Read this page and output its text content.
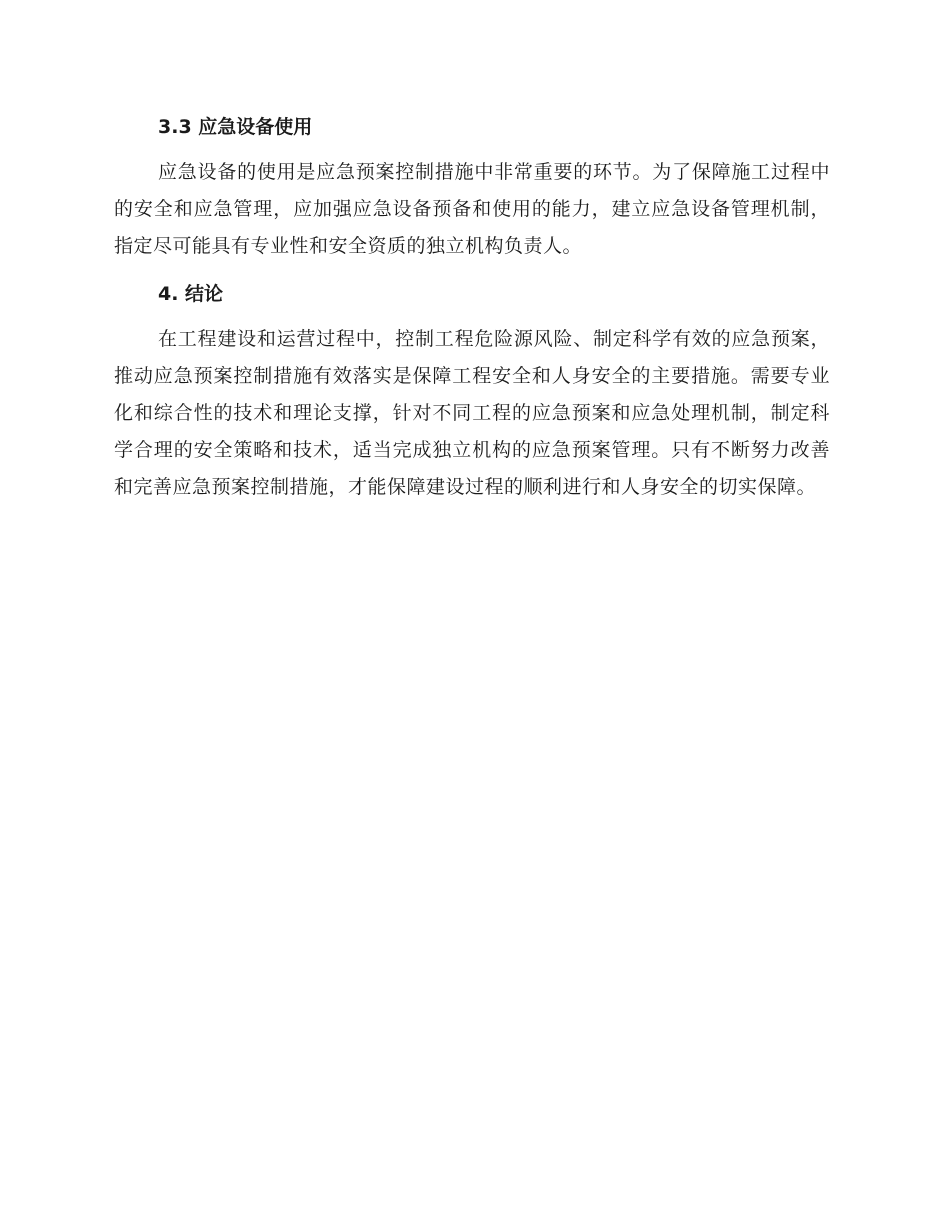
3.3 应急设备使用

应急设备的使用是应急预案控制措施中非常重要的环节。为了保障施工过程中的安全和应急管理，应加强应急设备预备和使用的能力，建立应急设备管理机制，指定尽可能具有专业性和安全资质的独立机构负责人。

4. 结论

在工程建设和运营过程中，控制工程危险源风险、制定科学有效的应急预案，推动应急预案控制措施有效落实是保障工程安全和人身安全的主要措施。需要专业化和综合性的技术和理论支撑，针对不同工程的应急预案和应急处理机制，制定科学合理的安全策略和技术，适当完成独立机构的应急预案管理。只有不断努力改善和完善应急预案控制措施，才能保障建设过程的顺利进行和人身安全的切实保障。
